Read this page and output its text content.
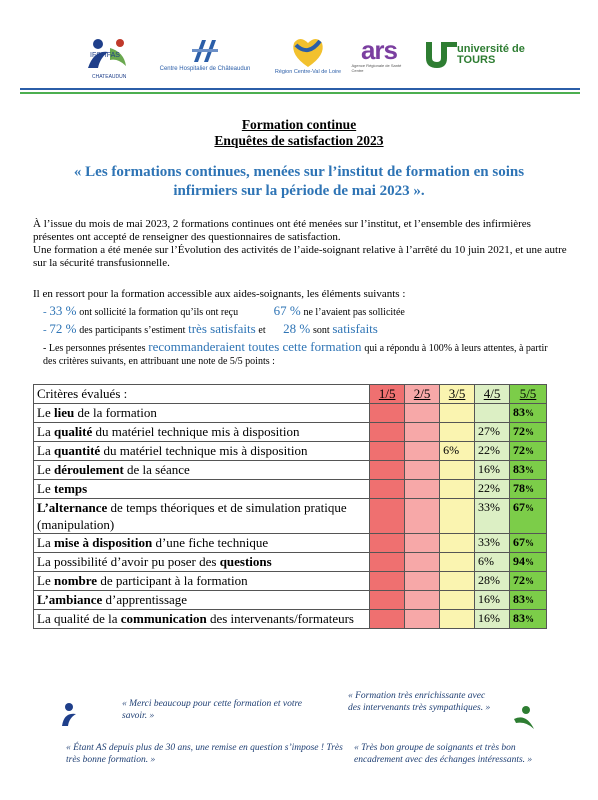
IFSI IFAS
CHATEAUDUN
Centre Hospitalier de Châteaudun	Région Centre-Val de Loire
ars
Agence Régionale de Santé Centre
université de TOURS
Formation continue
Enquêtes de satisfaction 2023
« Les formations continues, menées sur l’institut de formation en soins infirmiers sur la période de mai 2023 ».
À l’issue du mois de mai 2023, 2 formations continues ont été menées sur l’institut, et l’ensemble des infirmières présentes ont accepté de renseigner des questionnaires de satisfaction.
Une formation a été menée sur l’Évolution des activités de l’aide-soignant relative à l’arrêté du 10 juin 2021, et une autre sur la sécurité transfusionnelle.
Il en ressort pour la formation accessible aux aides-soignants, les éléments suivants :
- 33 % ont sollicité la formation qu’ils ont reçu	67 % ne l’avaient pas sollicitée
- 72 % des participants s’estiment très satisfaits et 28 % sont satisfaits
- Les personnes présentes recommanderaient toutes cette formation qui a répondu à 100% à leurs attentes, à partir des critères suivants, en attribuant une note de 5/5 points :
Critères évalués :	1/5	2/5	3/5	4/5	5/5
Le lieu de la formation					83%
La qualité du matériel technique mis à disposition				27%	72%
La quantité du matériel technique mis à disposition			6%	22%	72%
Le déroulement de la séance				16%	83%
Le temps				22%	78%
L’alternance de temps théoriques et de simulation pratique (manipulation)				33%	67%
La mise à disposition d’une fiche technique				33%	67%
La possibilité d’avoir pu poser des questions				6%	94%
Le nombre de participant à la formation				28%	72%
L’ambiance d’apprentissage				16%	83%
La qualité de la communication des intervenants/formateurs				16%	83%
« Merci beaucoup pour cette formation et votre savoir. »
« Formation très enrichissante avec des intervenants très sympathiques. »
« Étant AS depuis plus de 30 ans, une remise en question s’impose ! Très très bonne formation. »
« Très bon groupe de soignants et très bon encadrement avec des échanges intéressants. »
